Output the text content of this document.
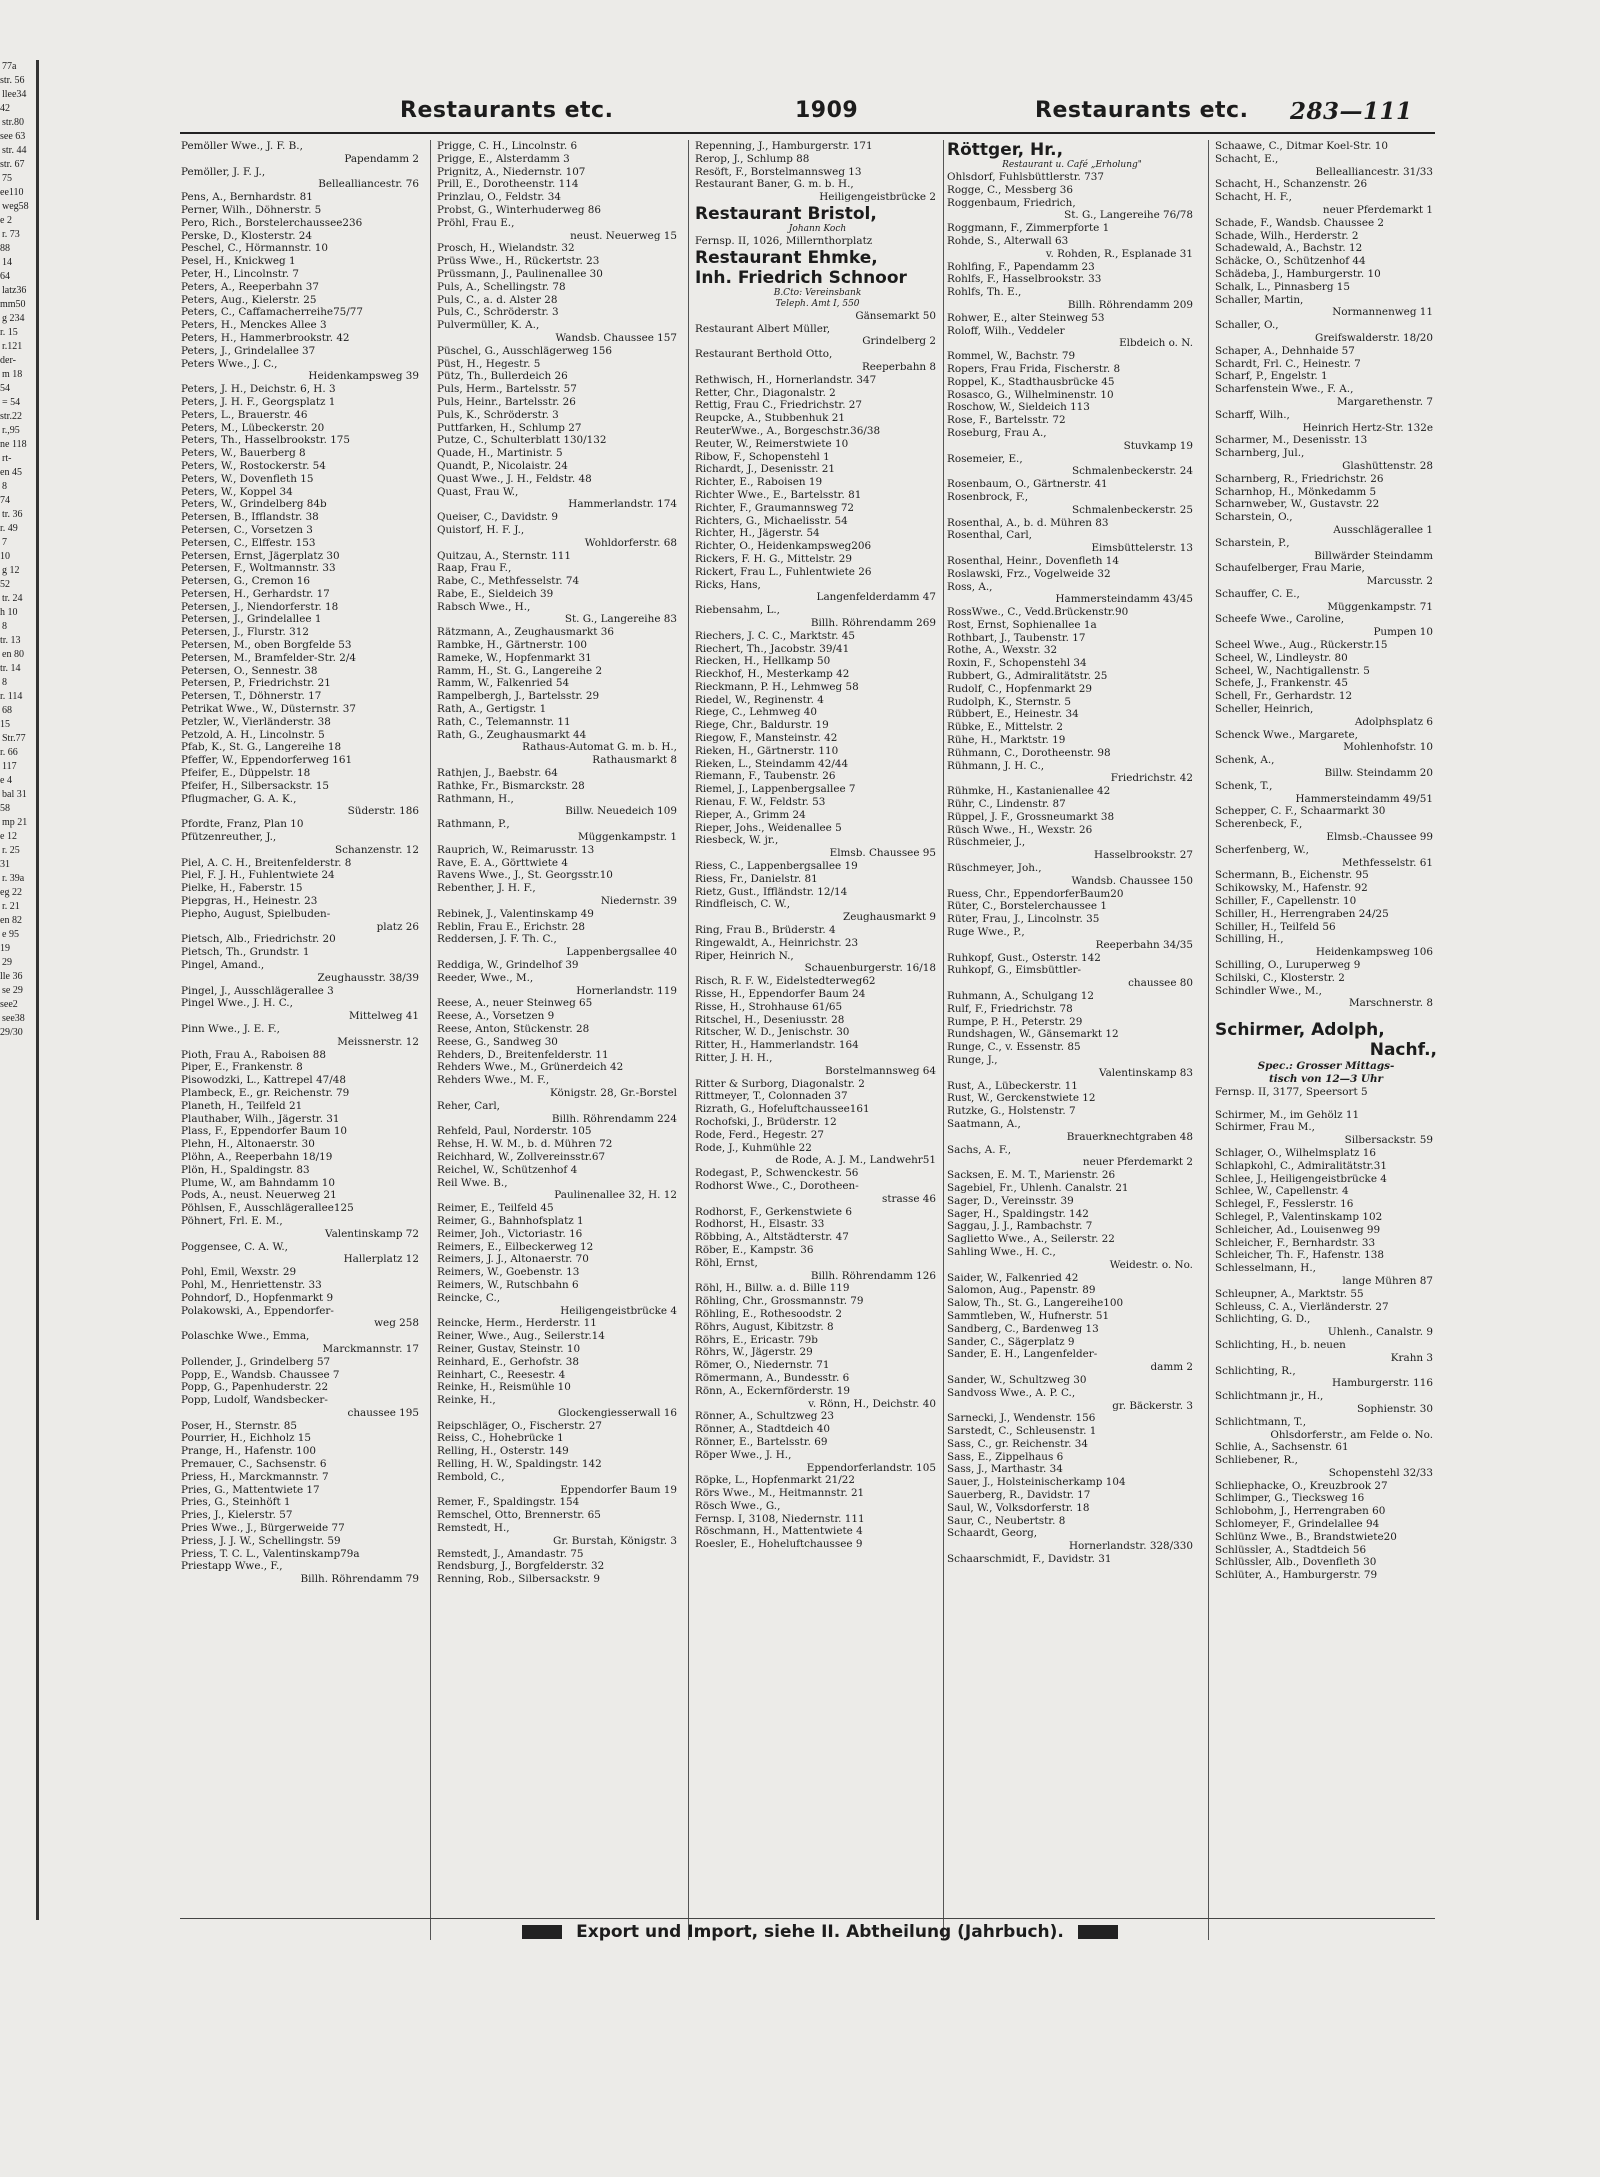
77a
str. 56
llee34
42
str.80
see 63
str. 44
str. 67
75
ee110
weg58
e 2
r. 73
88
14
64
latz36
mm50
g 234
r. 15
r.121
der-
m 18
54
= 54
str.22
r.,95
ne 118
rt-
en 45
8
74
tr. 36
r. 49
7
10
g 12
52
tr. 24
h 10
8
tr. 13
en 80
tr. 14
8
r. 114
68
15
Str.77
r. 66
117
e 4
bal 31
58
mp 21
e 12
r. 25
31
r. 39a
eg 22
r. 21
en 82
e 95
19
29
lle 36
se 29
see2
see38
29/30
Restaurants etc.	1909	Restaurants etc. 283—111
Pemöller Wwe., J. F. B.,
Papendamm 2
Pemöller, J. F. J.,
Bellealliancestr. 76
Pens, A., Bernhardstr. 81
Perner, Wilh., Döhnerstr. 5
Pero, Rich., Borstelerchaussee236
Perske, D., Klosterstr. 24
Peschel, C., Hörmannstr. 10
Pesel, H., Knickweg 1
Peter, H., Lincolnstr. 7
Peters, A., Reeperbahn 37
Peters, Aug., Kielerstr. 25
Peters, C., Caffamacherreihe75/77
Peters, H., Menckes Allee 3
Peters, H., Hammerbrookstr. 42
Peters, J., Grindelallee 37
Peters Wwe., J. C.,
Heidenkampsweg 39
Peters, J. H., Deichstr. 6, H. 3
Peters, J. H. F., Georgsplatz 1
Peters, L., Brauerstr. 46
Peters, M., Lübeckerstr. 20
Peters, Th., Hasselbrookstr. 175
Peters, W., Bauerberg 8
Peters, W., Rostockerstr. 54
Peters, W., Dovenfleth 15
Peters, W., Koppel 34
Peters, W., Grindelberg 84b
Petersen, B., Ifflandstr. 38
Petersen, C., Vorsetzen 3
Petersen, C., Elffestr. 153
Petersen, Ernst, Jägerplatz 30
Petersen, F., Woltmannstr. 33
Petersen, G., Cremon 16
Petersen, H., Gerhardstr. 17
Petersen, J., Niendorferstr. 18
Petersen, J., Grindelallee 1
Petersen, J., Flurstr. 312
Petersen, M., oben Borgfelde 53
Petersen, M., Bramfelder-Str. 2/4
Petersen, O., Sennestr. 38
Petersen, P., Friedrichstr. 21
Petersen, T., Döhnerstr. 17
Petrikat Wwe., W., Düsternstr. 37
Petzler, W., Vierländerstr. 38
Petzold, A. H., Lincolnstr. 5
Pfab, K., St. G., Langereihe 18
Pfeffer, W., Eppendorferweg 161
Pfeifer, E., Düppelstr. 18
Pfeifer, H., Silbersackstr. 15
Pflugmacher, G. A. K.,
Süderstr. 186
Pfordte, Franz, Plan 10
Pfützenreuther, J.,
Schanzenstr. 12
Piel, A. C. H., Breitenfelderstr. 8
Piel, F. J. H., Fuhlentwiete 24
Pielke, H., Faberstr. 15
Piepgras, H., Heinestr. 23
Piepho, August, Spielbuden-
platz 26
Pietsch, Alb., Friedrichstr. 20
Pietsch, Th., Grundstr. 1
Pingel, Amand.,
Zeughausstr. 38/39
Pingel, J., Ausschlägerallee 3
Pingel Wwe., J. H. C.,
Mittelweg 41
Pinn Wwe., J. E. F.,
Meissnerstr. 12
Pioth, Frau A., Raboisen 88
Piper, E., Frankenstr. 8
Pisowodzki, L., Kattrepel 47/48
Plambeck, E., gr. Reichenstr. 79
Planeth, H., Teilfeld 21
Plauthaber, Wilh., Jägerstr. 31
Plass, F., Eppendorfer Baum 10
Plehn, H., Altonaerstr. 30
Plöhn, A., Reeperbahn 18/19
Plön, H., Spaldingstr. 83
Plume, W., am Bahndamm 10
Pods, A., neust. Neuerweg 21
Pöhlsen, F., Ausschlägerallee125
Pöhnert, Frl. E. M.,
Valentinskamp 72
Poggensee, C. A. W.,
Hallerplatz 12
Pohl, Emil, Wexstr. 29
Pohl, M., Henriettenstr. 33
Pohndorf, D., Hopfenmarkt 9
Polakowski, A., Eppendorfer-
weg 258
Polaschke Wwe., Emma,
Marckmannstr. 17
Pollender, J., Grindelberg 57
Popp, E., Wandsb. Chaussee 7
Popp, G., Papenhuderstr. 22
Popp, Ludolf, Wandsbecker-
chaussee 195
Poser, H., Sternstr. 85
Pourrier, H., Eichholz 15
Prange, H., Hafenstr. 100
Premauer, C., Sachsenstr. 6
Priess, H., Marckmannstr. 7
Pries, G., Mattentwiete 17
Pries, G., Steinhöft 1
Pries, J., Kielerstr. 57
Pries Wwe., J., Bürgerweide 77
Priess, J. J. W., Schellingstr. 59
Priess, T. C. L., Valentinskamp79a
Priestapp Wwe., F.,
Billh. Röhrendamm 79
Prigge, C. H., Lincolnstr. 6
Prigge, E., Alsterdamm 3
Prignitz, A., Niedernstr. 107
Prill, E., Dorotheenstr. 114
Prinzlau, O., Feldstr. 34
Probst, G., Winterhuderweg 86
Pröhl, Frau E.,
neust. Neuerweg 15
Prosch, H., Wielandstr. 32
Prüss Wwe., H., Rückertstr. 23
Prüssmann, J., Paulinenallee 30
Puls, A., Schellingstr. 78
Puls, C., a. d. Alster 28
Puls, C., Schröderstr. 3
Pulvermüller, K. A.,
Wandsb. Chaussee 157
Püschel, G., Ausschlägerweg 156
Püst, H., Hegestr. 5
Pütz, Th., Bullerdeich 26
Puls, Herm., Bartelsstr. 57
Puls, Heinr., Bartelsstr. 26
Puls, K., Schröderstr. 3
Puttfarken, H., Schlump 27
Putze, C., Schulterblatt 130/132
Quade, H., Martinistr. 5
Quandt, P., Nicolaistr. 24
Quast Wwe., J. H., Feldstr. 48
Quast, Frau W.,
Hammerlandstr. 174
Queiser, C., Davidstr. 9
Quistorf, H. F. J.,
Wohldorferstr. 68
Quitzau, A., Sternstr. 111
Raap, Frau F.,
Rabe, C., Methfesselstr. 74
Rabe, E., Sieldeich 39
Rabsch Wwe., H.,
St. G., Langereihe 83
Rätzmann, A., Zeughausmarkt 36
Rambke, H., Gärtnerstr. 100
Rameke, W., Hopfenmarkt 31
Ramm, H., St. G., Langereihe 2
Ramm, W., Falkenried 54
Rampelbergh, J., Bartelsstr. 29
Rath, A., Gertigstr. 1
Rath, C., Telemannstr. 11
Rath, G., Zeughausmarkt 44
Rathaus-Automat G. m. b. H.,
Rathausmarkt 8
Rathjen, J., Baebstr. 64
Rathke, Fr., Bismarckstr. 28
Rathmann, H.,
Billw. Neuedeich 109
Rathmann, P.,
Müggenkampstr. 1
Rauprich, W., Reimarusstr. 13
Rave, E. A., Görttwiete 4
Ravens Wwe., J., St. Georgsstr.10
Rebenther, J. H. F.,
Niedernstr. 39
Rebinek, J., Valentinskamp 49
Reblin, Frau E., Erichstr. 28
Reddersen, J. F. Th. C.,
Lappenbergsallee 40
Reddiga, W., Grindelhof 39
Reeder, Wwe., M.,
Hornerlandstr. 119
Reese, A., neuer Steinweg 65
Reese, A., Vorsetzen 9
Reese, Anton, Stückenstr. 28
Reese, G., Sandweg 30
Rehders, D., Breitenfelderstr. 11
Rehders Wwe., M., Grünerdeich 42
Rehders Wwe., M. F.,
Königstr. 28, Gr.-Borstel
Reher, Carl,
Billh. Röhrendamm 224
Rehfeld, Paul, Norderstr. 105
Rehse, H. W. M., b. d. Mühren 72
Reichhard, W., Zollvereinsstr.67
Reichel, W., Schützenhof 4
Reil Wwe. B.,
Paulinenallee 32, H. 12
Reimer, E., Teilfeld 45
Reimer, G., Bahnhofsplatz 1
Reimer, Joh., Victoriastr. 16
Reimers, E., Eilbeckerweg 12
Reimers, J. J., Altonaerstr. 70
Reimers, W., Goebenstr. 13
Reimers, W., Rutschbahn 6
Reincke, C.,
Heiligengeistbrücke 4
Reincke, Herm., Herderstr. 11
Reiner, Wwe., Aug., Seilerstr.14
Reiner, Gustav, Steinstr. 10
Reinhard, E., Gerhofstr. 38
Reinhart, C., Reesestr. 4
Reinke, H., Reismühle 10
Reinke, H.,
Glockengiesserwall 16
Reipschläger, O., Fischerstr. 27
Reiss, C., Hohebrücke 1
Relling, H., Osterstr. 149
Relling, H. W., Spaldingstr. 142
Rembold, C.,
Eppendorfer Baum 19
Remer, F., Spaldingstr. 154
Remschel, Otto, Brennerstr. 65
Remstedt, H.,
Gr. Burstah, Königstr. 3
Remstedt, J., Amandastr. 75
Rendsburg, J., Borgfelderstr. 32
Renning, Rob., Silbersackstr. 9
Repenning, J., Hamburgerstr. 171
Rerop, J., Schlump 88
Resöft, F., Borstelmannsweg 13
Restaurant Baner, G. m. b. H.,
Heiligengeistbrücke 2
Restaurant Bristol,
Johann Koch
Fernsp. II, 1026, Millernthorplatz
Restaurant Ehmke,
Inh. Friedrich Schnoor
B.Cto: Vereinsbank
Teleph. Amt I, 550
Gänsemarkt 50
Restaurant Albert Müller,
Grindelberg 2
Restaurant Berthold Otto,
Reeperbahn 8
Rethwisch, H., Hornerlandstr. 347
Retter, Chr., Diagonalstr. 2
Rettig, Frau C., Friedrichstr. 27
Reupcke, A., Stubbenhuk 21
ReuterWwe., A., Borgeschstr.36/38
Reuter, W., Reimerstwiete 10
Ribow, F., Schopenstehl 1
Richardt, J., Desenisstr. 21
Richter, E., Raboisen 19
Richter Wwe., E., Bartelsstr. 81
Richter, F., Graumannsweg 72
Richters, G., Michaelisstr. 54
Richter, H., Jägerstr. 54
Richter, O., Heidenkampsweg206
Rickers, F. H. G., Mittelstr. 29
Rickert, Frau L., Fuhlentwiete 26
Ricks, Hans,
Langenfelderdamm 47
Riebensahm, L.,
Billh. Röhrendamm 269
Riechers, J. C. C., Marktstr. 45
Riechert, Th., Jacobstr. 39/41
Riecken, H., Hellkamp 50
Rieckhof, H., Mesterkamp 42
Rieckmann, P. H., Lehmweg 58
Riedel, W., Reginenstr. 4
Riege, C., Lehmweg 40
Riege, Chr., Baldurstr. 19
Riegow, F., Mansteinstr. 42
Rieken, H., Gärtnerstr. 110
Rieken, L., Steindamm 42/44
Riemann, F., Taubenstr. 26
Riemel, J., Lappenbergsallee 7
Rienau, F. W., Feldstr. 53
Rieper, A., Grimm 24
Rieper, Johs., Weidenallee 5
Riesbeck, W. jr.,
Elmsb. Chaussee 95
Riess, C., Lappenbergsallee 19
Riess, Fr., Danielstr. 81
Rietz, Gust., Iffländstr. 12/14
Rindfleisch, C. W.,
Zeughausmarkt 9
Ring, Frau B., Brüderstr. 4
Ringewaldt, A., Heinrichstr. 23
Riper, Heinrich N.,
Schauenburgerstr. 16/18
Risch, R. F. W., Eidelstedterweg62
Risse, H., Eppendorfer Baum 24
Risse, H., Strohhause 61/65
Ritschel, H., Deseniusstr. 28
Ritscher, W. D., Jenischstr. 30
Ritter, H., Hammerlandstr. 164
Ritter, J. H. H.,
Borstelmannsweg 64
Ritter & Surborg, Diagonalstr. 2
Rittmeyer, T., Colonnaden 37
Rizrath, G., Hofeluftchaussee161
Rochofski, J., Brüderstr. 12
Rode, Ferd., Hegestr. 27
Rode, J., Kuhmühle 22
de Rode, A. J. M., Landwehr51
Rodegast, P., Schwenckestr. 56
Rodhorst Wwe., C., Dorotheen-
strasse 46
Rodhorst, F., Gerkenstwiete 6
Rodhorst, H., Elsastr. 33
Röbbing, A., Altstädterstr. 47
Röber, E., Kampstr. 36
Röhl, Ernst,
Billh. Röhrendamm 126
Röhl, H., Billw. a. d. Bille 119
Röhling, Chr., Grossmannstr. 79
Röhling, E., Rothesoodstr. 2
Röhrs, August, Kibitzstr. 8
Röhrs, E., Ericastr. 79b
Röhrs, W., Jägerstr. 29
Römer, O., Niedernstr. 71
Römermann, A., Bundesstr. 6
Rönn, A., Eckernförderstr. 19
v. Rönn, H., Deichstr. 40
Rönner, A., Schultzweg 23
Rönner, A., Stadtdeich 40
Rönner, E., Bartelsstr. 69
Röper Wwe., J. H.,
Eppendorferlandstr. 105
Röpke, L., Hopfenmarkt 21/22
Rörs Wwe., M., Heitmannstr. 21
Rösch Wwe., G.,
Fernsp. I, 3108, Niedernstr. 111
Röschmann, H., Mattentwiete 4
Roesler, E., Hoheluftchaussee 9
Röttger, Hr.,
Restaurant u. Café „Erholung"
Ohlsdorf, Fuhlsbüttlerstr. 737
Rogge, C., Messberg 36
Roggenbaum, Friedrich,
St. G., Langereihe 76/78
Roggmann, F., Zimmerpforte 1
Rohde, S., Alterwall 63
v. Rohden, R., Esplanade 31
Rohlfing, F., Papendamm 23
Rohlfs, F., Hasselbrookstr. 33
Rohlfs, Th. E.,
Billh. Röhrendamm 209
Rohwer, E., alter Steinweg 53
Roloff, Wilh., Veddeler
Elbdeich o. N.
Rommel, W., Bachstr. 79
Ropers, Frau Frida, Fischerstr. 8
Roppel, K., Stadthausbrücke 45
Rosasco, G., Wilhelminenstr. 10
Roschow, W., Sieldeich 113
Rose, F., Bartelsstr. 72
Roseburg, Frau A.,
Stuvkamp 19
Rosemeier, E.,
Schmalenbeckerstr. 24
Rosenbaum, O., Gärtnerstr. 41
Rosenbrock, F.,
Schmalenbeckerstr. 25
Rosenthal, A., b. d. Mühren 83
Rosenthal, Carl,
Eimsbüttelerstr. 13
Rosenthal, Heinr., Dovenfleth 14
Roslawski, Frz., Vogelweide 32
Ross, A.,
Hammersteindamm 43/45
RossWwe., C., Vedd.Brückenstr.90
Rost, Ernst, Sophienallee 1a
Rothbart, J., Taubenstr. 17
Rothe, A., Wexstr. 32
Roxin, F., Schopenstehl 34
Rubbert, G., Admiralitätstr. 25
Rudolf, C., Hopfenmarkt 29
Rudolph, K., Sternstr. 5
Rübbert, E., Heinestr. 34
Rübke, E., Mittelstr. 2
Rühe, H., Marktstr. 19
Rühmann, C., Dorotheenstr. 98
Rühmann, J. H. C.,
Friedrichstr. 42
Rühmke, H., Kastanienallee 42
Rühr, C., Lindenstr. 87
Rüppel, J. F., Grossneumarkt 38
Rüsch Wwe., H., Wexstr. 26
Rüschmeier, J.,
Hasselbrookstr. 27
Rüschmeyer, Joh.,
Wandsb. Chaussee 150
Ruess, Chr., EppendorferBaum20
Rüter, C., Borstelerchaussee 1
Rüter, Frau, J., Lincolnstr. 35
Ruge Wwe., P.,
Reeperbahn 34/35
Ruhkopf, Gust., Osterstr. 142
Ruhkopf, G., Eimsbüttler-
chaussee 80
Ruhmann, A., Schulgang 12
Rulf, F., Friedrichstr. 78
Rumpe, P. H., Peterstr. 29
Rundshagen, W., Gänsemarkt 12
Runge, C., v. Essenstr. 85
Runge, J.,
Valentinskamp 83
Rust, A., Lübeckerstr. 11
Rust, W., Gerckenstwiete 12
Rutzke, G., Holstenstr. 7
Saatmann, A.,
Brauerknechtgraben 48
Sachs, A. F.,
neuer Pferdemarkt 2
Sacksen, E. M. T., Marienstr. 26
Sagebiel, Fr., Uhlenh. Canalstr. 21
Sager, D., Vereinsstr. 39
Sager, H., Spaldingstr. 142
Saggau, J. J., Rambachstr. 7
Saglietto Wwe., A., Seilerstr. 22
Sahling Wwe., H. C.,
Weidestr. o. No.
Saider, W., Falkenried 42
Salomon, Aug., Papenstr. 89
Salow, Th., St. G., Langereihe100
Sammtleben, W., Hufnerstr. 51
Sandberg, C., Bardenweg 13
Sander, C., Sägerplatz 9
Sander, E. H., Langenfelder-
damm 2
Sander, W., Schultzweg 30
Sandvoss Wwe., A. P. C.,
gr. Bäckerstr. 3
Sarnecki, J., Wendenstr. 156
Sarstedt, C., Schleusenstr. 1
Sass, C., gr. Reichenstr. 34
Sass, E., Zippelhaus 6
Sass, J., Marthastr. 34
Sauer, J., Holsteinischerkamp 104
Sauerberg, R., Davidstr. 17
Saul, W., Volksdorferstr. 18
Saur, C., Neubertstr. 8
Schaardt, Georg,
Hornerlandstr. 328/330
Schaarschmidt, F., Davidstr. 31
Schaawe, C., Ditmar Koel-Str. 10
Schacht, E.,
Bellealliancestr. 31/33
Schacht, H., Schanzenstr. 26
Schacht, H. F.,
neuer Pferdemarkt 1
Schade, F., Wandsb. Chaussee 2
Schade, Wilh., Herderstr. 2
Schadewald, A., Bachstr. 12
Schäcke, O., Schützenhof 44
Schädeba, J., Hamburgerstr. 10
Schalk, L., Pinnasberg 15
Schaller, Martin,
Normannenweg 11
Schaller, O.,
Greifswalderstr. 18/20
Schaper, A., Dehnhaide 57
Schardt, Frl. C., Heinestr. 7
Scharf, P., Engelstr. 1
Scharfenstein Wwe., F. A.,
Margarethenstr. 7
Scharff, Wilh.,
Heinrich Hertz-Str. 132e
Scharmer, M., Desenisstr. 13
Scharnberg, Jul.,
Glashüttenstr. 28
Scharnberg, R., Friedrichstr. 26
Scharnhop, H., Mönkedamm 5
Scharnweber, W., Gustavstr. 22
Scharstein, O.,
Ausschlägerallee 1
Scharstein, P.,
Billwärder Steindamm
Schaufelberger, Frau Marie,
Marcusstr. 2
Schauffer, C. E.,
Müggenkampstr. 71
Scheefe Wwe., Caroline,
Pumpen 10
Scheel Wwe., Aug., Rückerstr.15
Scheel, W., Lindleystr. 80
Scheel, W., Nachtigallenstr. 5
Schefe, J., Frankenstr. 45
Schell, Fr., Gerhardstr. 12
Scheller, Heinrich,
Adolphsplatz 6
Schenck Wwe., Margarete,
Mohlenhofstr. 10
Schenk, A.,
Billw. Steindamm 20
Schenk, T.,
Hammersteindamm 49/51
Schepper, C. F., Schaarmarkt 30
Scherenbeck, F.,
Elmsb.-Chaussee 99
Scherfenberg, W.,
Methfesselstr. 61
Schermann, B., Eichenstr. 95
Schikowsky, M., Hafenstr. 92
Schiller, F., Capellenstr. 10
Schiller, H., Herrengraben 24/25
Schiller, H., Teilfeld 56
Schilling, H.,
Heidenkampsweg 106
Schilling, O., Luruperweg 9
Schilski, C., Klosterstr. 2
Schindler Wwe., M.,
Marschnerstr. 8
Schirmer, Adolph,
Nachf.,
Spec.: Grosser Mittags-
tisch von 12—3 Uhr
Fernsp. II, 3177, Speersort 5
Schirmer, M., im Gehölz 11
Schirmer, Frau M.,
Silbersackstr. 59
Schlager, O., Wilhelmsplatz 16
Schlapkohl, C., Admiralitätstr.31
Schlee, J., Heiligengeistbrücke 4
Schlee, W., Capellenstr. 4
Schlegel, F., Fesslerstr. 16
Schlegel, P., Valentinskamp 102
Schleicher, Ad., Louisenweg 99
Schleicher, F., Bernhardstr. 33
Schleicher, Th. F., Hafenstr. 138
Schlesselmann, H.,
lange Mühren 87
Schleupner, A., Marktstr. 55
Schleuss, C. A., Vierländerstr. 27
Schlichting, G. D.,
Uhlenh., Canalstr. 9
Schlichting, H., b. neuen
Krahn 3
Schlichting, R.,
Hamburgerstr. 116
Schlichtmann jr., H.,
Sophienstr. 30
Schlichtmann, T.,
Ohlsdorferstr., am Felde o. No.
Schlie, A., Sachsenstr. 61
Schliebener, R.,
Schopenstehl 32/33
Schliephacke, O., Kreuzbrook 27
Schlimper, G., Tiecksweg 16
Schlobohm, J., Herrengraben 60
Schlomeyer, F., Grindelallee 94
Schlünz Wwe., B., Brandstwiete20
Schlüssler, A., Stadtdeich 56
Schlüssler, Alb., Dovenfleth 30
Schlüter, A., Hamburgerstr. 79
Export und Import, siehe II. Abtheilung (Jahrbuch).
